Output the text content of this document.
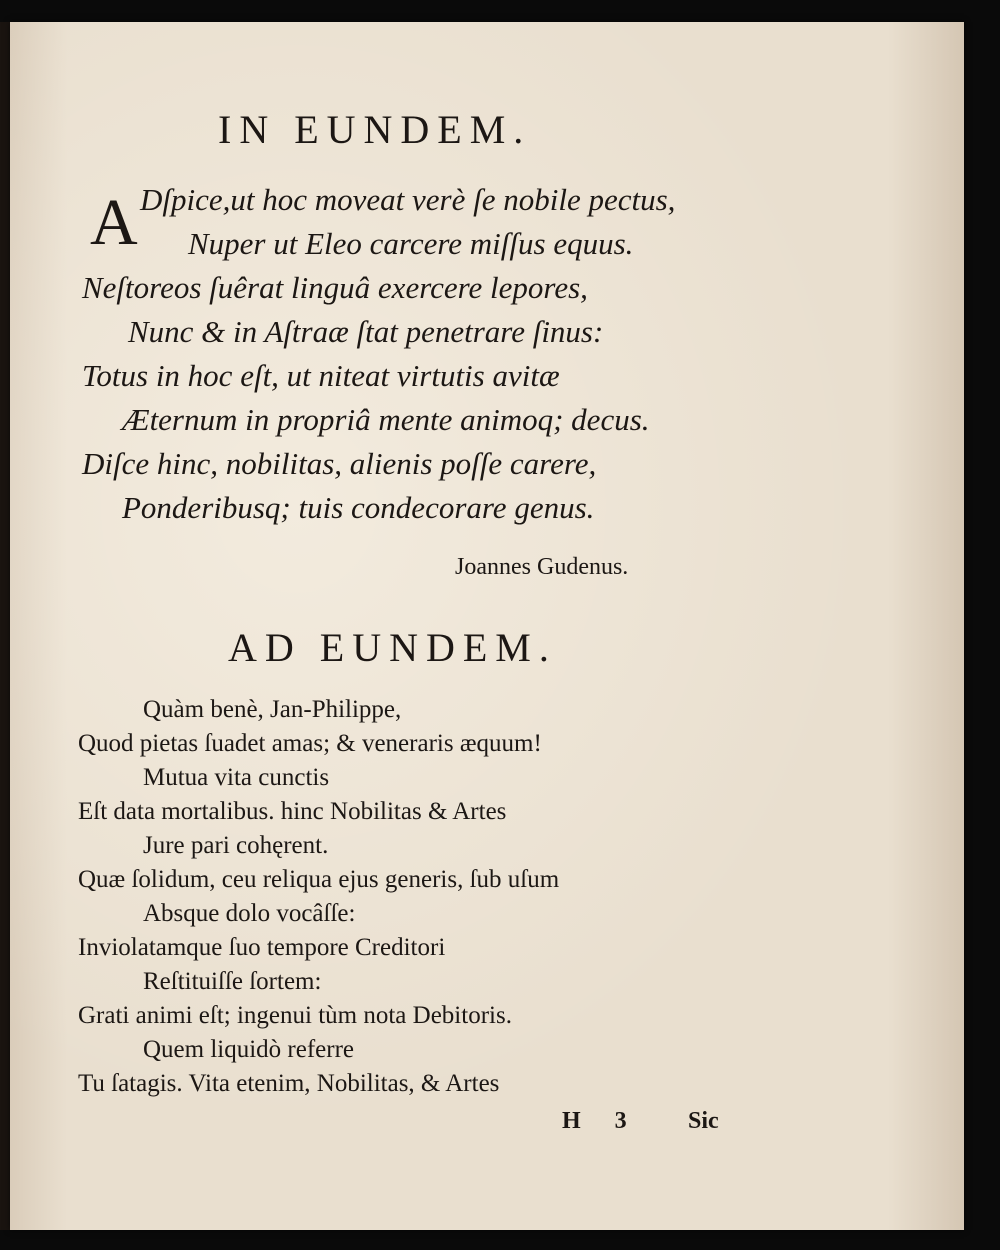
IN EUNDEM.
A Dſpice,ut hoc moveat verè ſe nobile pectus,
Nuper ut Eleo carcere miſſus equus.
Neſtoreos ſuêrat linguâ exercere lepores,
Nunc & in Aſtraæ ſtat penetrare ſinus:
Totus in hoc eſt, ut niteat virtutis avitæ
Æternum in propriâ mente animoq; decus.
Diſce hinc, nobilitas, alienis poſſe carere,
Ponderibusq; tuis condecorare genus.
Joannes Gudenus.
AD EUNDEM.
Quàm benè, Jan-Philippe,
Quod pietas ſuadet amas; & veneraris æquum!
Mutua vita cunctis
Eſt data mortalibus. hinc Nobilitas & Artes
Jure pari cohęrent.
Quæ ſolidum, ceu reliqua ejus generis, ſub uſum
Absque dolo vocâſſe:
Inviolatamque ſuo tempore Creditori
Reſtituiſſe ſortem:
Grati animi eſt; ingenui tùm nota Debitoris.
Quem liquidò referre
Tu ſatagis. Vita etenim, Nobilitas, & Artes
H 3 Sic
